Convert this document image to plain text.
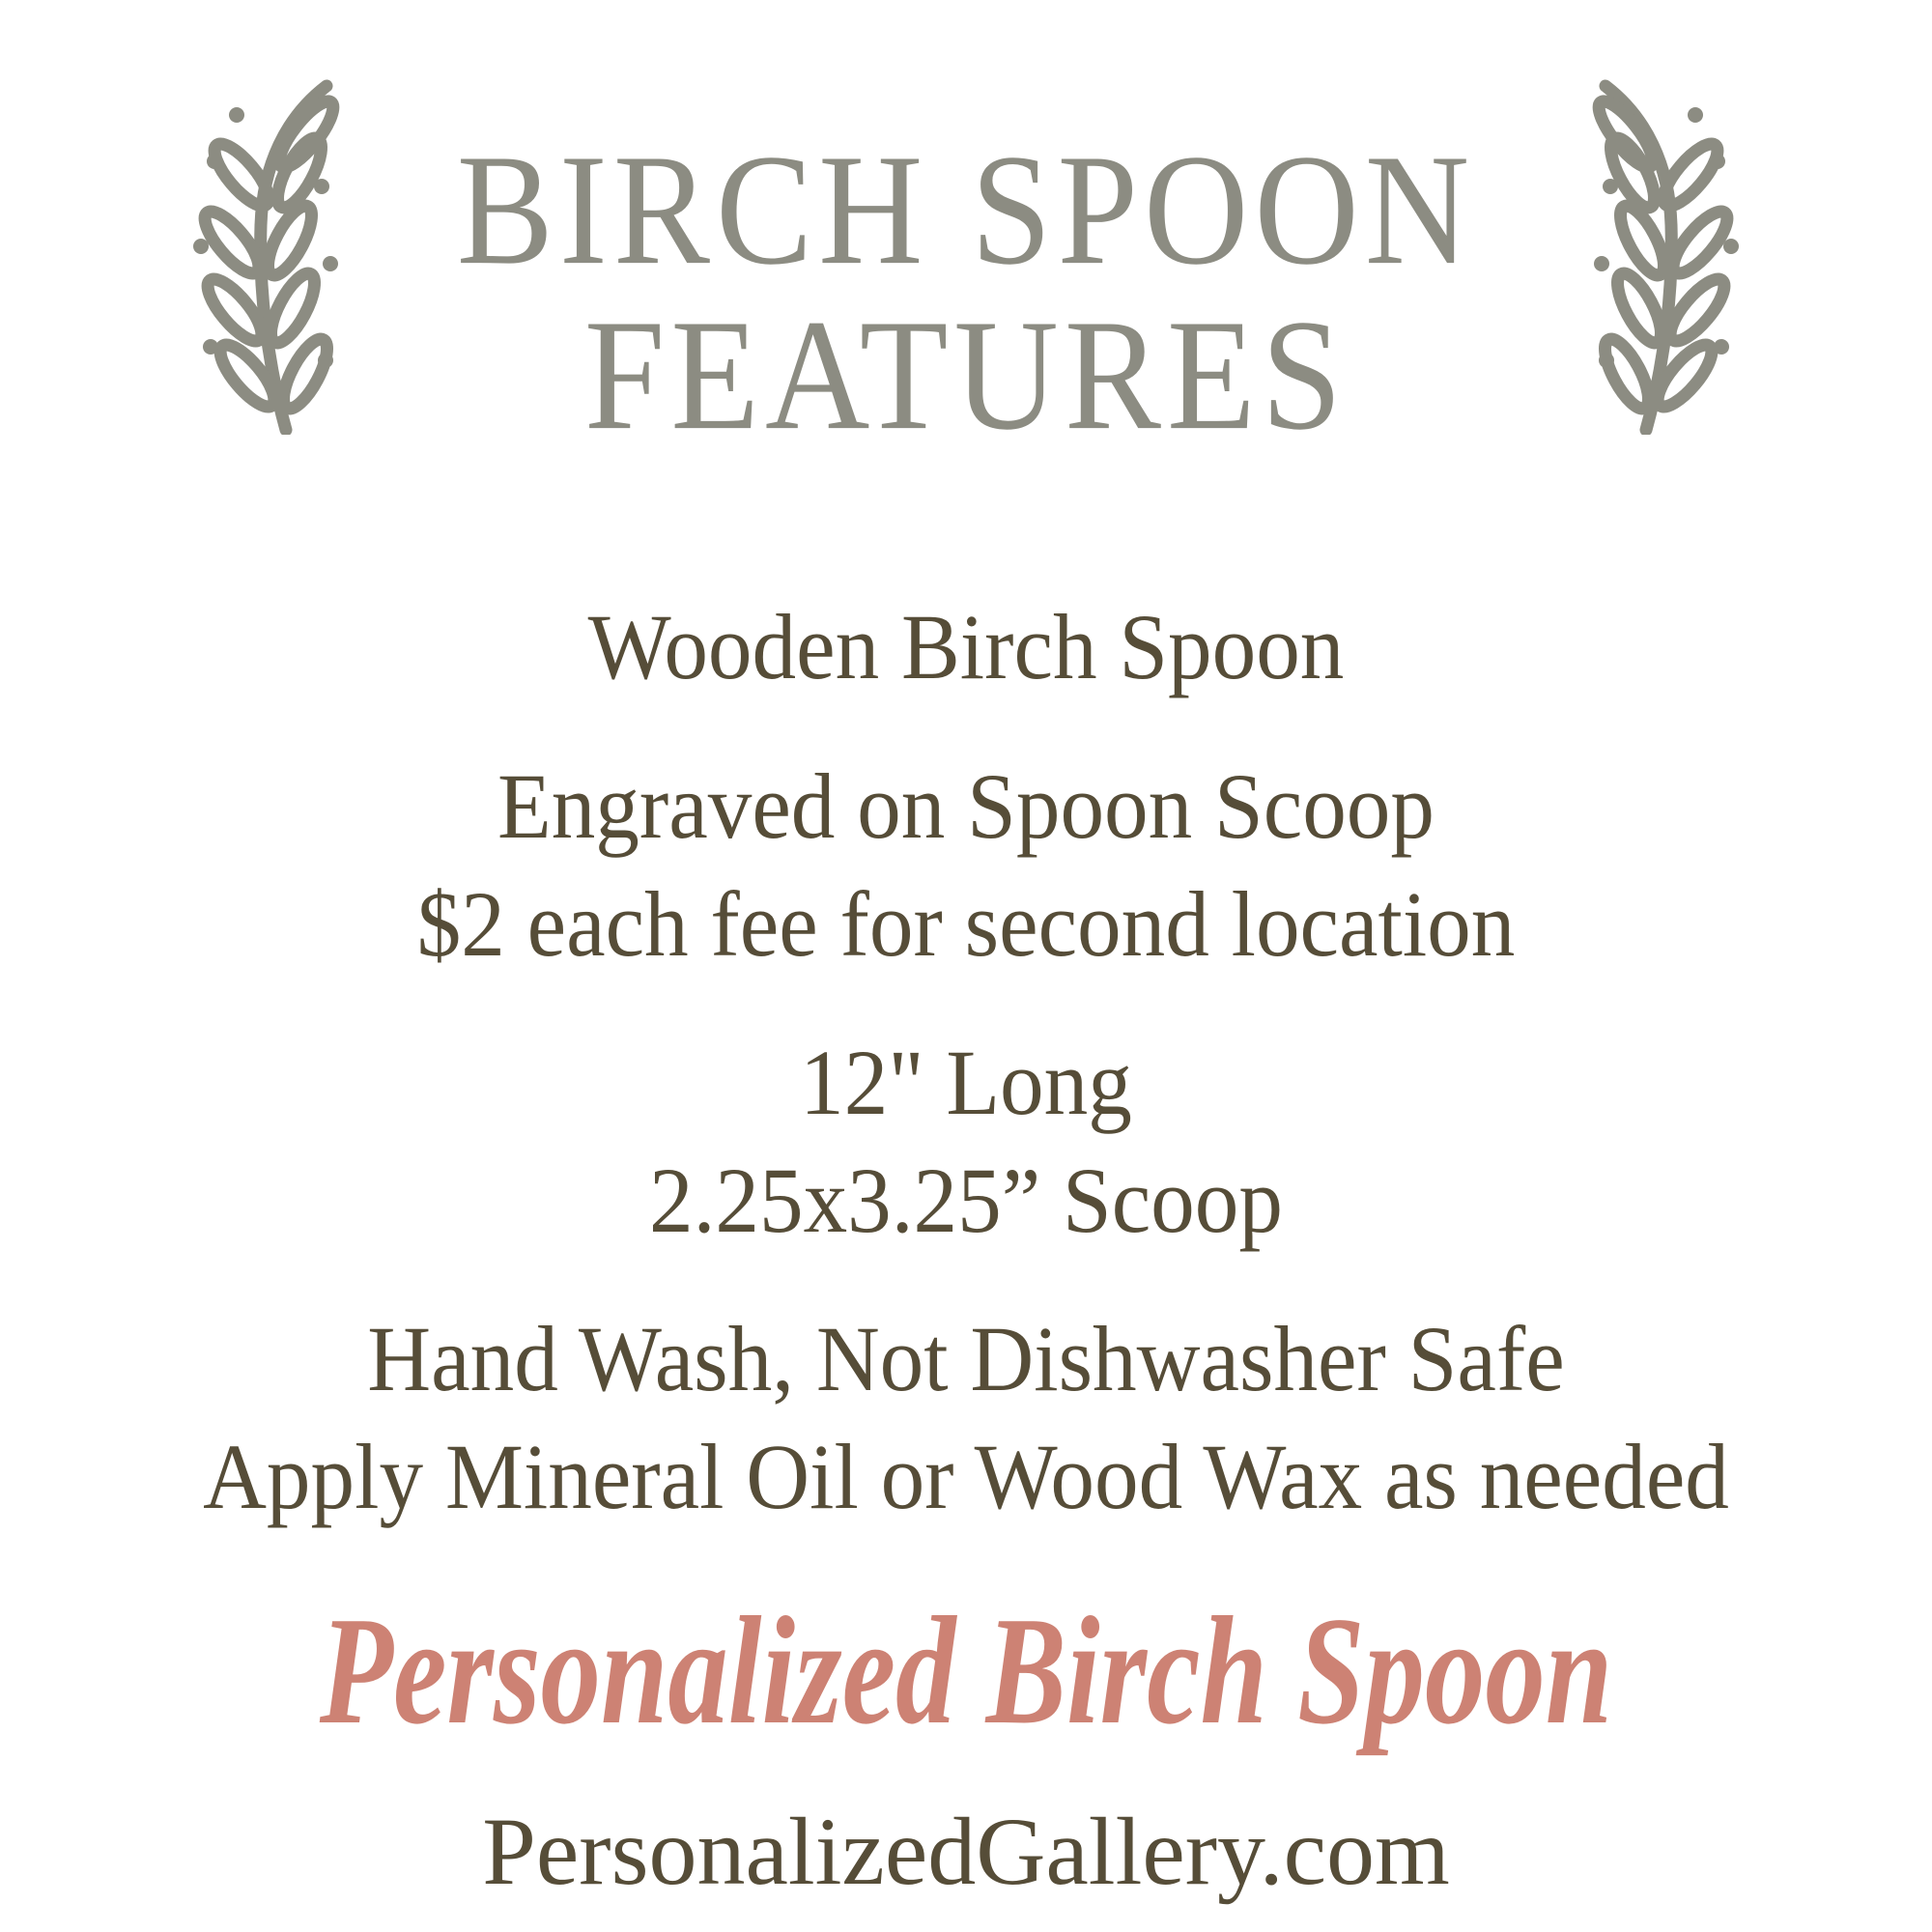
BIRCH SPOON
FEATURES
Wooden Birch Spoon
Engraved on Spoon Scoop
$2 each fee for second location
12" Long
2.25x3.25” Scoop
Hand Wash, Not Dishwasher Safe
Apply Mineral Oil or Wood Wax as needed
Personalized Birch Spoon
PersonalizedGallery.com
